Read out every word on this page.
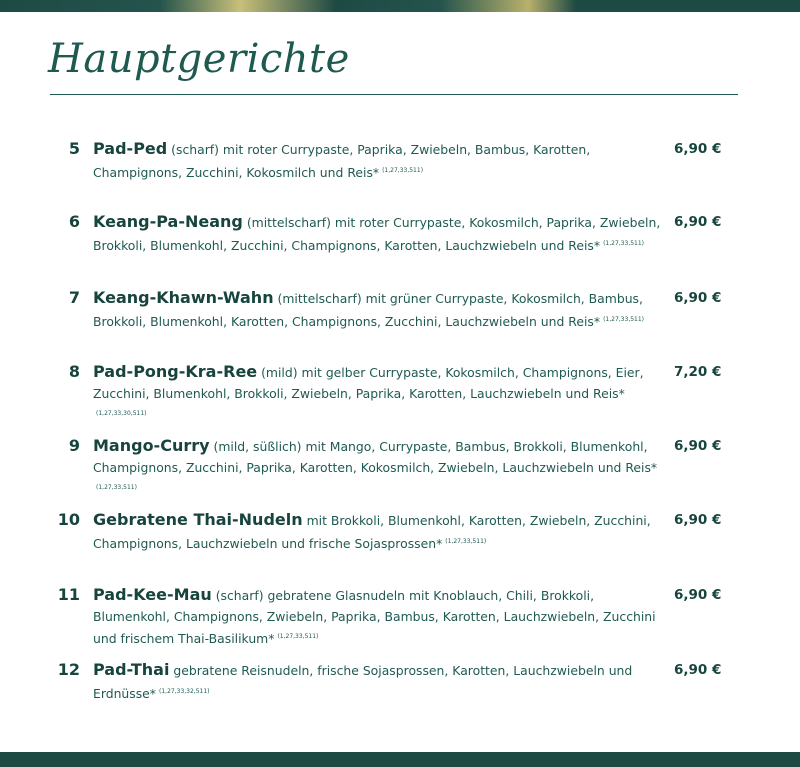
Hauptgerichte
5 Pad-Ped (scharf) mit roter Currypaste, Paprika, Zwiebeln, Bambus, Karotten, Champignons, Zucchini, Kokosmilch und Reis* $^{(1,27,33,511)}$
6,90 €
6 Keang-Pa-Neang (mittelscharf) mit roter Currypaste, Kokosmilch, Paprika, Zwiebeln, Brokkoli, Blumenkohl, Zucchini, Champignons, Karotten, Lauchzwiebeln und Reis* $^{(1,27,33,511)}$
6,90 €
7 Keang-Khawn-Wahn (mittelscharf) mit grüner Currypaste, Kokosmilch, Bambus, Brokkoli, Blumenkohl, Karotten, Champignons, Zucchini, Lauchzwiebeln und Reis* $^{(1,27,33,511)}$
6,90 €
8 Pad-Pong-Kra-Ree (mild) mit gelber Currypaste, Kokosmilch, Champignons, Eier, Zucchini, Blumenkohl, Brokkoli, Zwiebeln, Paprika, Karotten, Lauchzwiebeln und Reis*$^{(1,27,33,30,511)}$
7,20 €
9 Mango-Curry (mild, süßlich) mit Mango, Currypaste, Bambus, Brokkoli, Blumenkohl, Champignons, Zucchini, Paprika, Karotten, Kokosmilch, Zwiebeln, Lauchzwiebeln und Reis*$^{(1,27,33,511)}$
6,90 €
10 Gebratene Thai-Nudeln mit Brokkoli, Blumenkohl, Karotten, Zwiebeln, Zucchini, Champignons, Lauchzwiebeln und frische Sojasprossen* $^{(1,27,33,511)}$
6,90 €
11 Pad-Kee-Mau (scharf) gebratene Glasnudeln mit Knoblauch, Chili, Brokkoli, Blumenkohl, Champignons, Zwiebeln, Paprika, Bambus, Karotten, Lauchzwiebeln, Zucchini und frischem Thai-Basilikum* $^{(1,27,33,511)}$
6,90 €
12 Pad-Thai gebratene Reisnudeln, frische Sojasprossen, Karotten, Lauchzwiebeln und Erdnüsse* $^{(1,27,33,32,511)}$
6,90 €
